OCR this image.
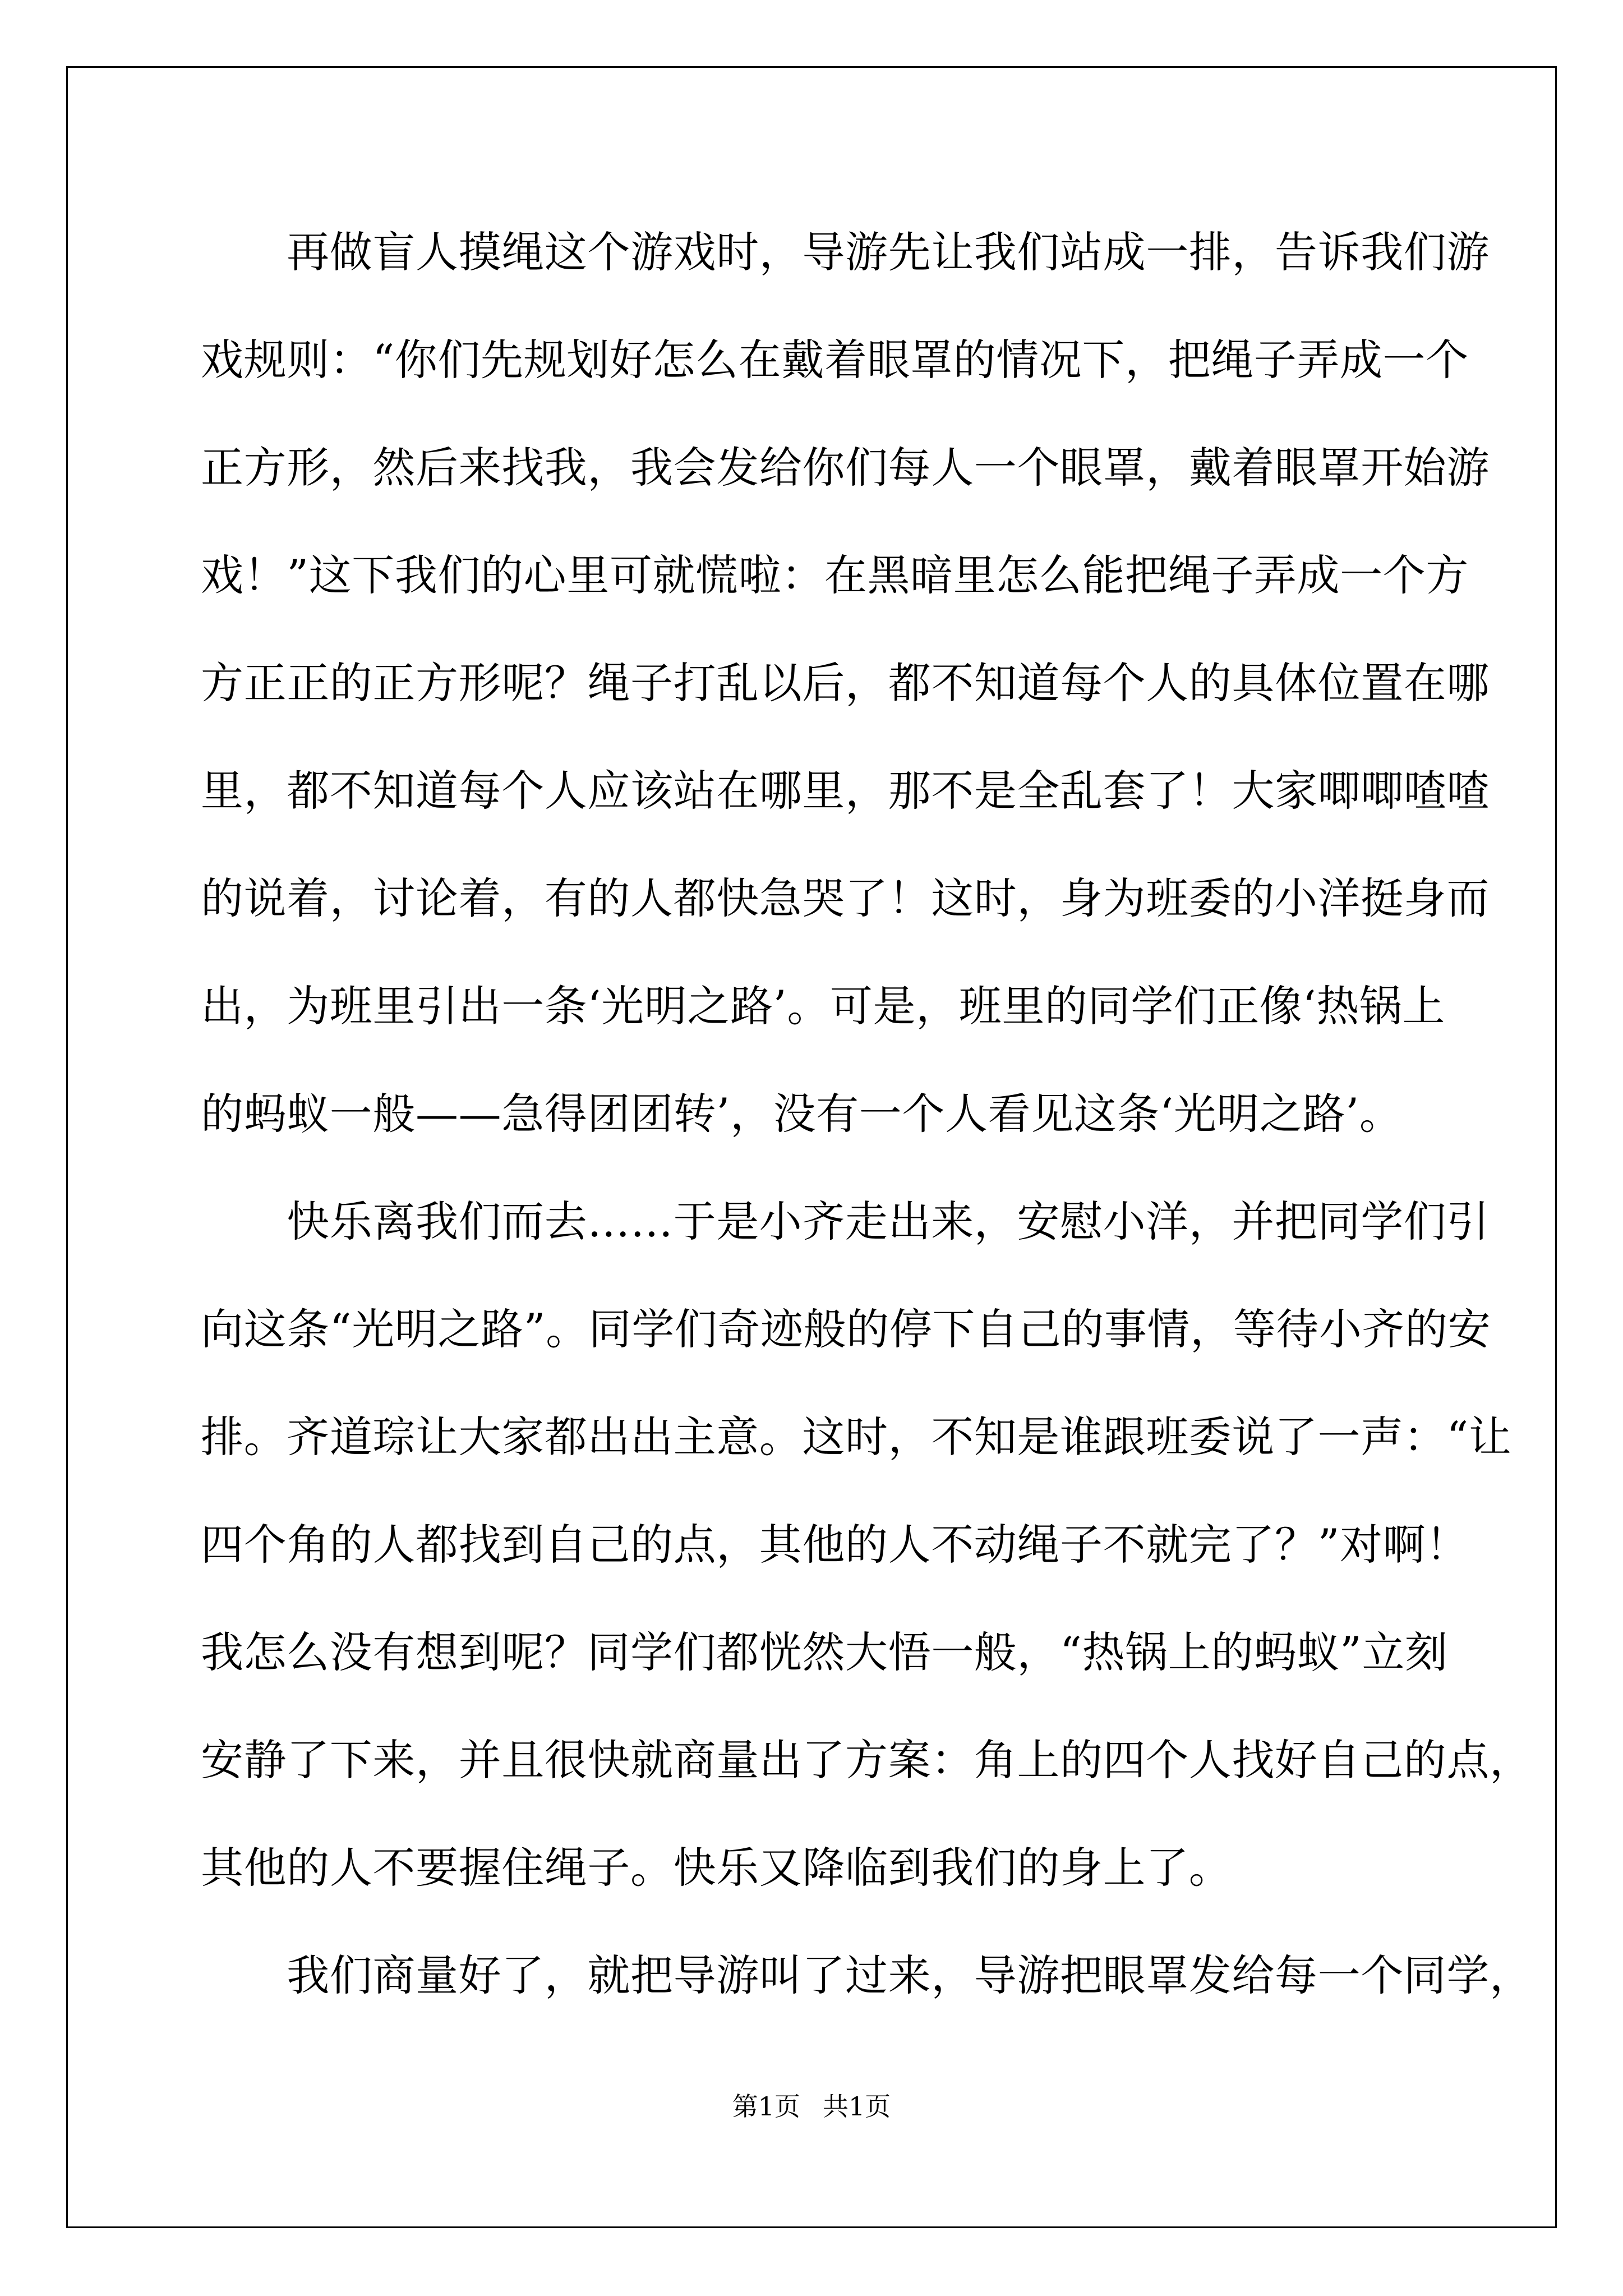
　　再做盲人摸绳这个游戏时，导游先让我们站成一排，告诉我们游
戏规则：“你们先规划好怎么在戴着眼罩的情况下，把绳子弄成一个
正方形，然后来找我，我会发给你们每人一个眼罩，戴着眼罩开始游
戏！”这下我们的心里可就慌啦：在黑暗里怎么能把绳子弄成一个方
方正正的正方形呢？绳子打乱以后，都不知道每个人的具体位置在哪
里，都不知道每个人应该站在哪里，那不是全乱套了！大家唧唧喳喳
的说着，讨论着，有的人都快急哭了！这时，身为班委的小洋挺身而
出，为班里引出一条‘光明之路’。可是，班里的同学们正像‘热锅上
的蚂蚁一般——急得团团转’，没有一个人看见这条‘光明之路’。
　　快乐离我们而去……于是小齐走出来，安慰小洋，并把同学们引
向这条“光明之路”。同学们奇迹般的停下自己的事情，等待小齐的安
排。齐道琮让大家都出出主意。这时，不知是谁跟班委说了一声：“让
四个角的人都找到自己的点，其他的人不动绳子不就完了？”对啊！
我怎么没有想到呢？同学们都恍然大悟一般，“热锅上的蚂蚁”立刻
安静了下来，并且很快就商量出了方案：角上的四个人找好自己的点，
其他的人不要握住绳子。快乐又降临到我们的身上了。
　　我们商量好了，就把导游叫了过来，导游把眼罩发给每一个同学，
第1页 共1页
